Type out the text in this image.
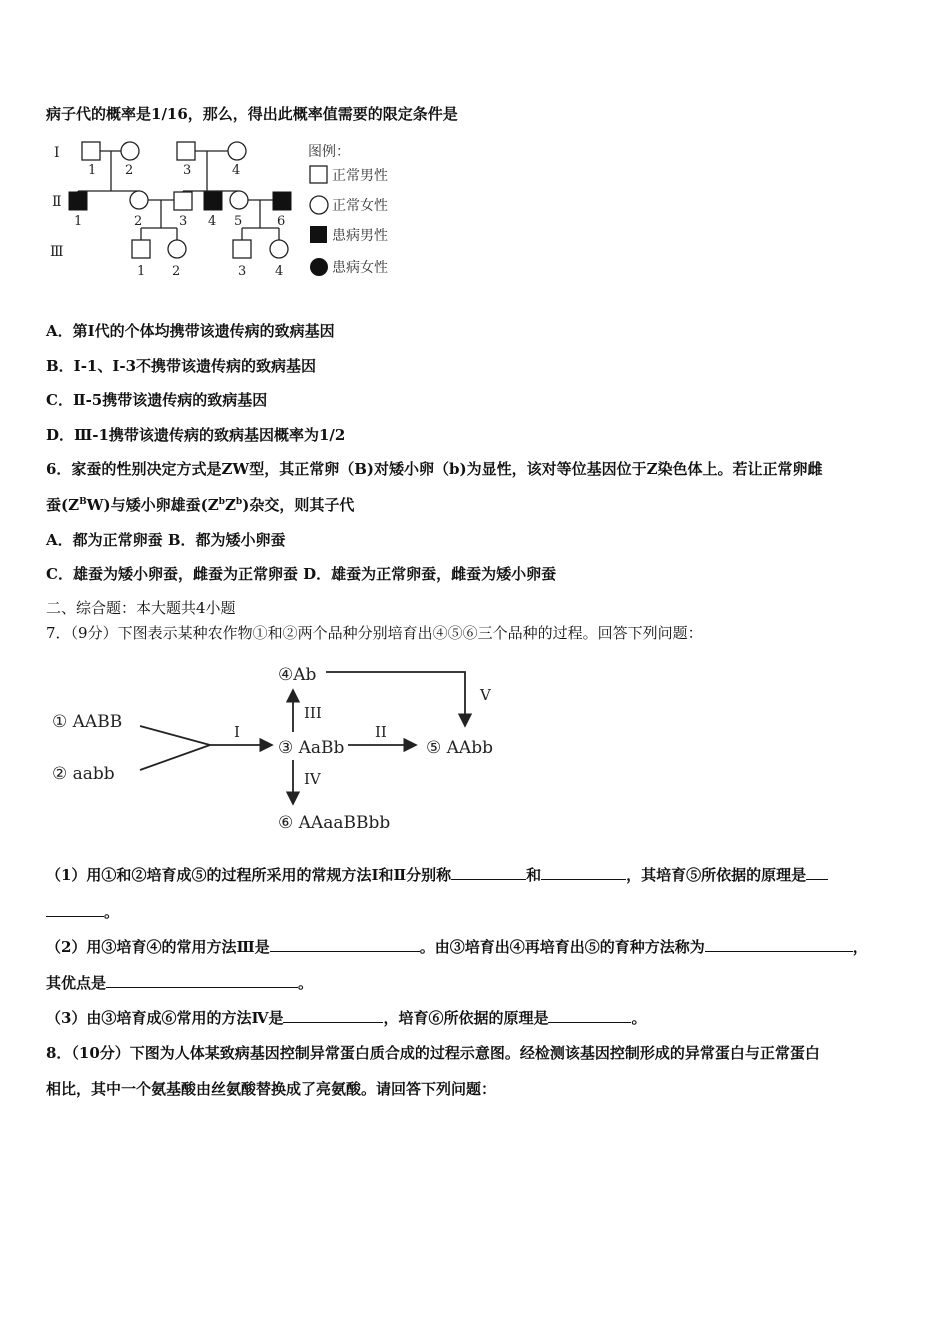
病子代的概率是1/16，那么，得出此概率值需要的限定条件是
Ⅰ
Ⅱ
Ⅲ
1 2	3	4
1	2	3 4 5	6
1 2	3 4
图例：
正常男性
正常女性
患病男性
患病女性
A．第Ⅰ代的个体均携带该遗传病的致病基因
B．Ⅰ-1、Ⅰ-3不携带该遗传病的致病基因
C．Ⅱ-5携带该遗传病的致病基因
D．Ⅲ-1携带该遗传病的致病基因概率为1/2
6．家蚕的性别决定方式是ZW型，其正常卵（B)对矮小卵（b)为显性，该对等位基因位于Z染色体上。若让正常卵雌
蚕$(Z^BW)$与矮小卵雄蚕$(Z^bZ^b)$杂交，则其子代
A．都为正常卵蚕 B．都为矮小卵蚕
C．雄蚕为矮小卵蚕，雌蚕为正常卵蚕 D．雄蚕为正常卵蚕，雌蚕为矮小卵蚕
二、综合题：本大题共4小题
7．（9分）下图表示某种农作物①和②两个品种分别培育出④⑤⑥三个品种的过程。回答下列问题：
① AABB
② aabb
③ AaBb
④Ab
⑤ AAbb
⑥ AAaaBBbb
I	II
III
IV
V
（1）用①和②培育成⑤的过程所采用的常规方法Ⅰ和Ⅱ分别称	和	，其培育⑤所依据的原理是
。
（2）用③培育④的常用方法Ⅲ是	。由③培育出④再培育出⑤的育种方法称为	，
其优点是	。
（3）由③培育成⑥常用的方法Ⅳ是	，培育⑥所依据的原理是	。
8．（10分）下图为人体某致病基因控制异常蛋白质合成的过程示意图。经检测该基因控制形成的异常蛋白与正常蛋白
相比，其中一个氨基酸由丝氨酸替换成了亮氨酸。请回答下列问题：
